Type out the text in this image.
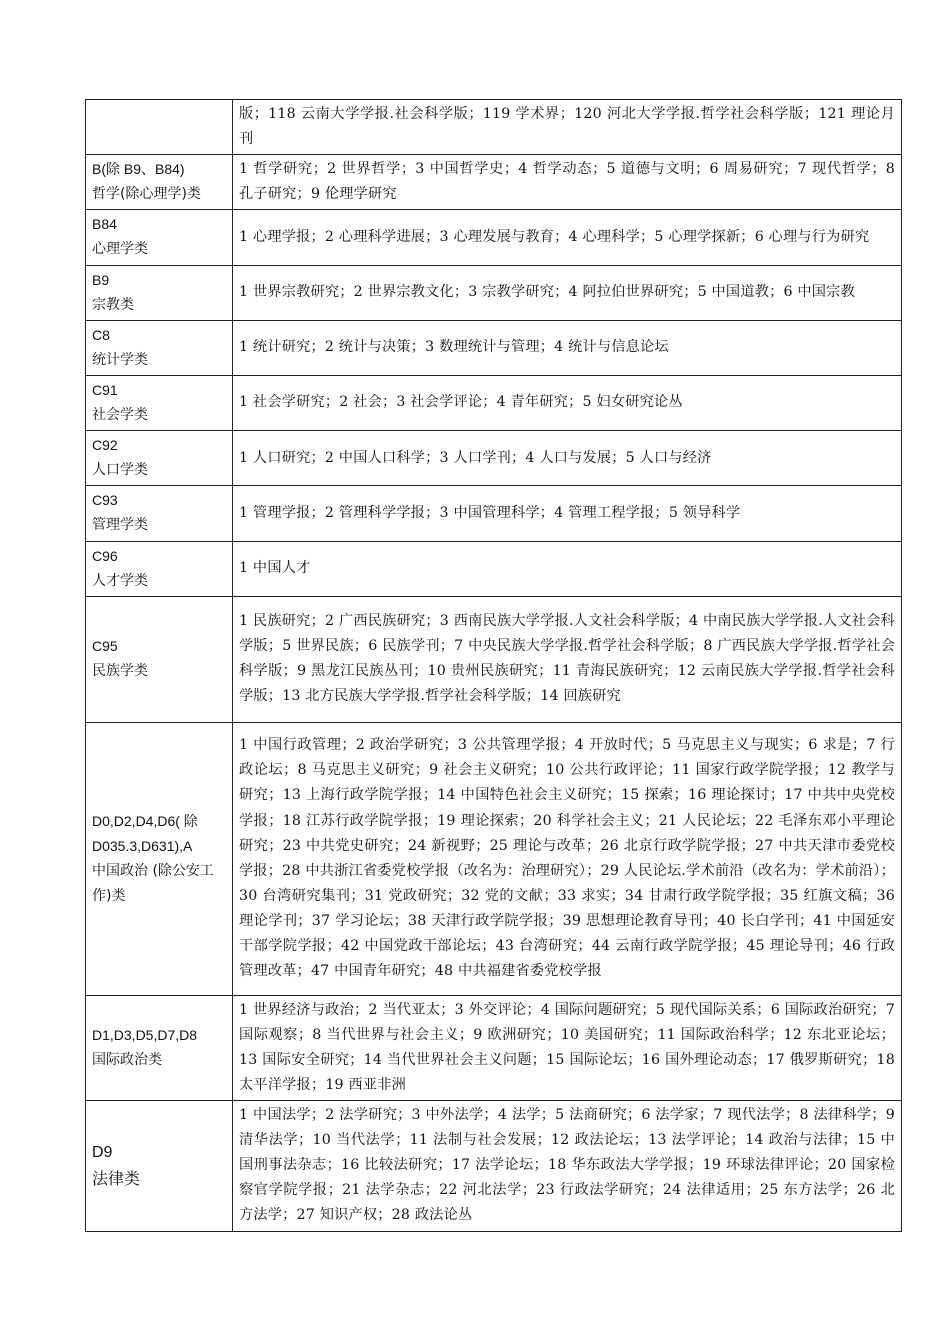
	版；118 云南大学学报.社会科学版；119 学术界；120 河北大学学报.哲学社会科学版；121 理论月刊

B(除 B9、B84)
哲学(除心理学)类	1 哲学研究；2 世界哲学；3 中国哲学史；4 哲学动态；5 道德与文明；6 周易研究；7 现代哲学；8 孔子研究；9 伦理学研究

B84
心理学类	1 心理学报；2 心理科学进展；3 心理发展与教育；4 心理科学；5 心理学探新；6 心理与行为研究

B9
宗教类	1 世界宗教研究；2 世界宗教文化；3 宗教学研究；4 阿拉伯世界研究；5 中国道教；6 中国宗教

C8
统计学类	1 统计研究；2 统计与决策；3 数理统计与管理；4 统计与信息论坛

C91
社会学类	1 社会学研究；2 社会；3 社会学评论；4 青年研究；5 妇女研究论丛

C92
人口学类	1 人口研究；2 中国人口科学；3 人口学刊；4 人口与发展；5 人口与经济

C93
管理学类	1 管理学报；2 管理科学学报；3 中国管理科学；4 管理工程学报；5 领导科学

C96
人才学类	1 中国人才

C95
民族学类	1 民族研究；2 广西民族研究；3 西南民族大学学报.人文社会科学版；4 中南民族大学学报.人文社会科学版；5 世界民族；6 民族学刊；7 中央民族大学学报.哲学社会科学版；8 广西民族大学学报.哲学社会科学版；9 黑龙江民族丛刊；10 贵州民族研究；11 青海民族研究；12 云南民族大学学报.哲学社会科学版；13 北方民族大学学报.哲学社会科学版；14 回族研究

D0,D2,D4,D6( 除 D035.3,D631),A
中国政治 (除公安工作)类	1 中国行政管理；2 政治学研究；3 公共管理学报；4 开放时代；5 马克思主义与现实；6 求是；7 行政论坛；8 马克思主义研究；9 社会主义研究；10 公共行政评论；11 国家行政学院学报；12 教学与研究；13 上海行政学院学报；14 中国特色社会主义研究；15 探索；16 理论探讨；17 中共中央党校学报；18 江苏行政学院学报；19 理论探索；20 科学社会主义；21 人民论坛；22 毛泽东邓小平理论研究；23 中共党史研究；24 新视野；25 理论与改革；26 北京行政学院学报；27 中共天津市委党校学报；28 中共浙江省委党校学报（改名为：治理研究）；29 人民论坛.学术前沿（改名为：学术前沿）；30 台湾研究集刊；31 党政研究；32 党的文献；33 求实；34 甘肃行政学院学报；35 红旗文稿；36 理论学刊；37 学习论坛；38 天津行政学院学报；39 思想理论教育导刊；40 长白学刊；41 中国延安干部学院学报；42 中国党政干部论坛；43 台湾研究；44 云南行政学院学报；45 理论导刊；46 行政管理改革；47 中国青年研究；48 中共福建省委党校学报

D1,D3,D5,D7,D8
国际政治类	1 世界经济与政治；2 当代亚太；3 外交评论；4 国际问题研究；5 现代国际关系；6 国际政治研究；7 国际观察；8 当代世界与社会主义；9 欧洲研究；10 美国研究；11 国际政治科学；12 东北亚论坛；13 国际安全研究；14 当代世界社会主义问题；15 国际论坛；16 国外理论动态；17 俄罗斯研究；18 太平洋学报；19 西亚非洲

D9
法律类	1 中国法学；2 法学研究；3 中外法学；4 法学；5 法商研究；6 法学家；7 现代法学；8 法律科学；9 清华法学；10 当代法学；11 法制与社会发展；12 政法论坛；13 法学评论；14 政治与法律；15 中国刑事法杂志；16 比较法研究；17 法学论坛；18 华东政法大学学报；19 环球法律评论；20 国家检察官学院学报；21 法学杂志；22 河北法学；23 行政法学研究；24 法律适用；25 东方法学；26 北方法学；27 知识产权；28 政法论丛
